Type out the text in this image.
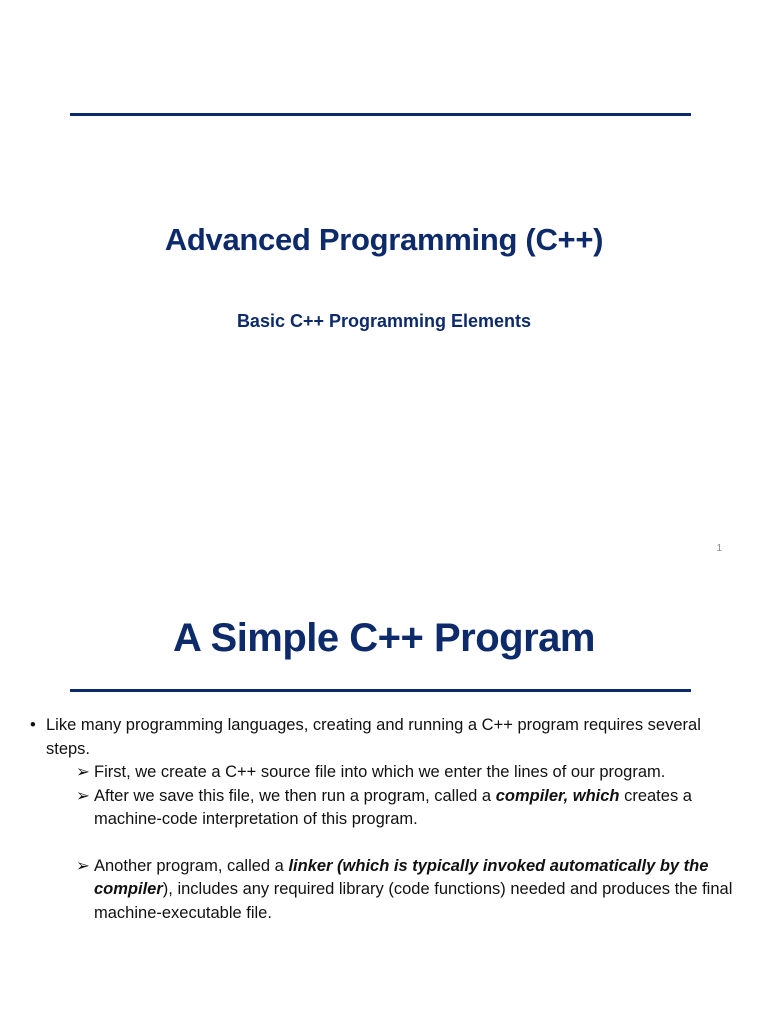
Advanced Programming (C++)
Basic C++ Programming Elements
1
A Simple C++ Program
• Like many programming languages, creating and running a C++ program requires several steps.
➢ First, we create a C++ source file into which we enter the lines of our program.
➢ After we save this file, we then run a program, called a compiler, which creates a machine-code interpretation of this program.
➢ Another program, called a linker (which is typically invoked automatically by the compiler), includes any required library (code functions) needed and produces the final machine-executable file.
